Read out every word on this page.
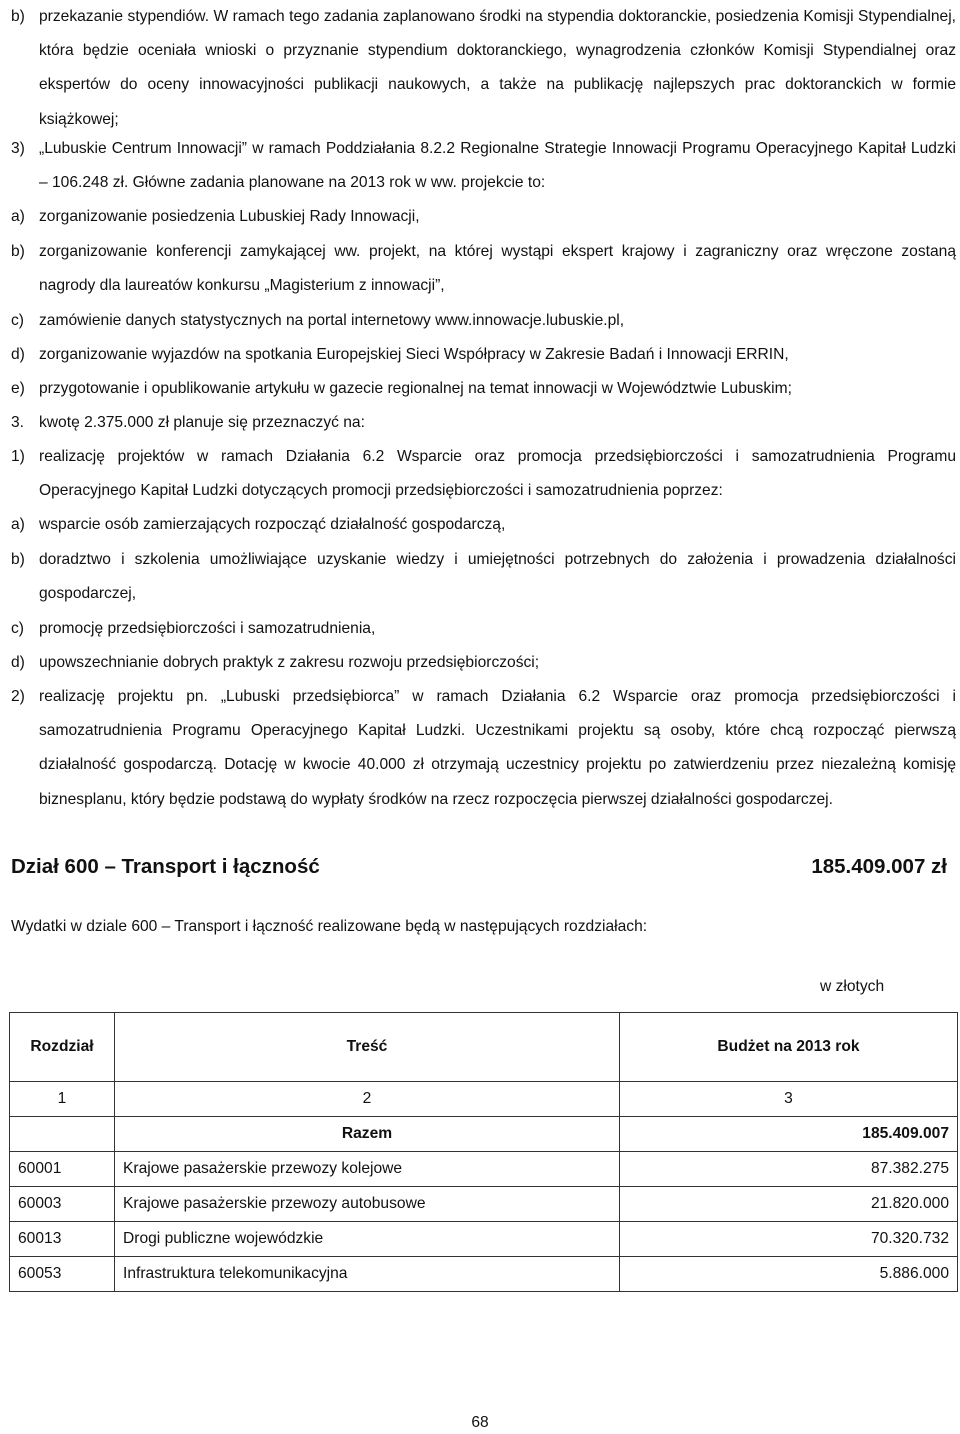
b) przekazanie stypendiów. W ramach tego zadania zaplanowano środki na stypendia doktoranckie, posiedzenia Komisji Stypendialnej, która będzie oceniała wnioski o przyznanie stypendium doktoranckiego, wynagrodzenia członków Komisji Stypendialnej oraz ekspertów do oceny innowacyjności publikacji naukowych, a także na publikację najlepszych prac doktoranckich w formie książkowej;
3) „Lubuskie Centrum Innowacji” w ramach Poddziałania 8.2.2 Regionalne Strategie Innowacji Programu Operacyjnego Kapitał Ludzki – 106.248 zł. Główne zadania planowane na 2013 rok w ww. projekcie to:
a) zorganizowanie posiedzenia Lubuskiej Rady Innowacji,
b) zorganizowanie konferencji zamykającej ww. projekt, na której wystąpi ekspert krajowy i zagraniczny oraz wręczone zostaną nagrody dla laureatów konkursu „Magisterium z innowacji”,
c) zamówienie danych statystycznych na portal internetowy www.innowacje.lubuskie.pl,
d) zorganizowanie wyjazdów na spotkania Europejskiej Sieci Współpracy w Zakresie Badań i Innowacji ERRIN,
e) przygotowanie i opublikowanie artykułu w gazecie regionalnej na temat innowacji w Województwie Lubuskim;
3. kwotę 2.375.000 zł planuje się przeznaczyć na:
1) realizację projektów w ramach Działania 6.2 Wsparcie oraz promocja przedsiębiorczości i samozatrudnienia Programu Operacyjnego Kapitał Ludzki dotyczących promocji przedsiębiorczości i samozatrudnienia poprzez:
a) wsparcie osób zamierzających rozpocząć działalność gospodarczą,
b) doradztwo i szkolenia umożliwiające uzyskanie wiedzy i umiejętności potrzebnych do założenia i prowadzenia działalności gospodarczej,
c) promocję przedsiębiorczości i samozatrudnienia,
d) upowszechnianie dobrych praktyk z zakresu rozwoju przedsiębiorczości;
2) realizację projektu pn. „Lubuski przedsiębiorca” w ramach Działania 6.2 Wsparcie oraz promocja przedsiębiorczości i samozatrudnienia Programu Operacyjnego Kapitał Ludzki. Uczestnikami projektu są osoby, które chcą rozpocząć pierwszą działalność gospodarczą. Dotację w kwocie 40.000 zł otrzymają uczestnicy projektu po zatwierdzeniu przez niezależną komisję biznesplanu, który będzie podstawą do wypłaty środków na rzecz rozpoczęcia pierwszej działalności gospodarczej.
Dział 600 – Transport i łączność	185.409.007 zł
Wydatki w dziale 600 – Transport i łączność realizowane będą w następujących rozdziałach:
w złotych
Rozdział	Treść	Budżet na 2013 rok
1	2	3
	Razem	185.409.007
60001	Krajowe pasażerskie przewozy kolejowe	87.382.275
60003	Krajowe pasażerskie przewozy autobusowe	21.820.000
60013	Drogi publiczne wojewódzkie	70.320.732
60053	Infrastruktura telekomunikacyjna	5.886.000
68
